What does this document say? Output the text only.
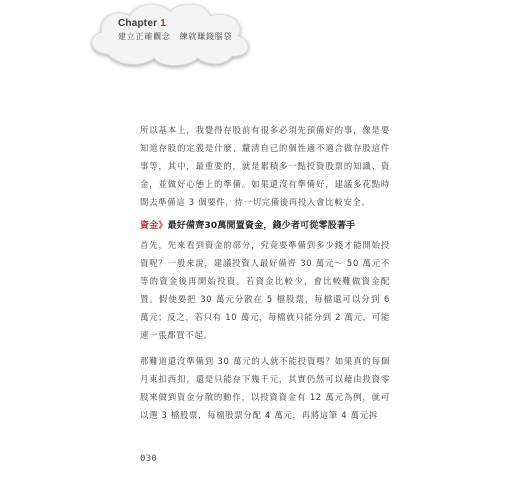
Chapter 1
建立正確觀念　練就賺錢腦袋

所以基本上，我覺得存股前有很多必須先預備好的事，像是要知道存股的定義是什麼、釐清自己的個性適不適合做存股這件事等，其中，最重要的，就是累積多一點投資股票的知識、資金，並做好心態上的準備。如果還沒有準備好，建議多花點時間去準備這 3 個要件，待一切完備後再投入會比較安全。

資金》最好備齊30萬閒置資金，錢少者可從零股著手

首先，先來看到資金的部分，究竟要準備到多少錢才能開始投資呢？一般來說，建議投資人最好備齊 30 萬元～ 50 萬元不等的資金後再開始投資。若資金比較少，會比較難做資金配置。假使要把 30 萬元分散在 5 檔股票，每檔還可以分到 6 萬元；反之，若只有 10 萬元，每檔就只能分到 2 萬元，可能連一張都買不起。

那難道還沒準備到 30 萬元的人就不能投資嗎？如果真的每個月東扣西扣，還是只能存下幾千元，其實仍然可以藉由投資零股來做到資金分散的動作，以投資資金有 12 萬元為例，就可以選 3 檔股票，每檔股票分配 4 萬元，再將這筆 4 萬元拆

030
